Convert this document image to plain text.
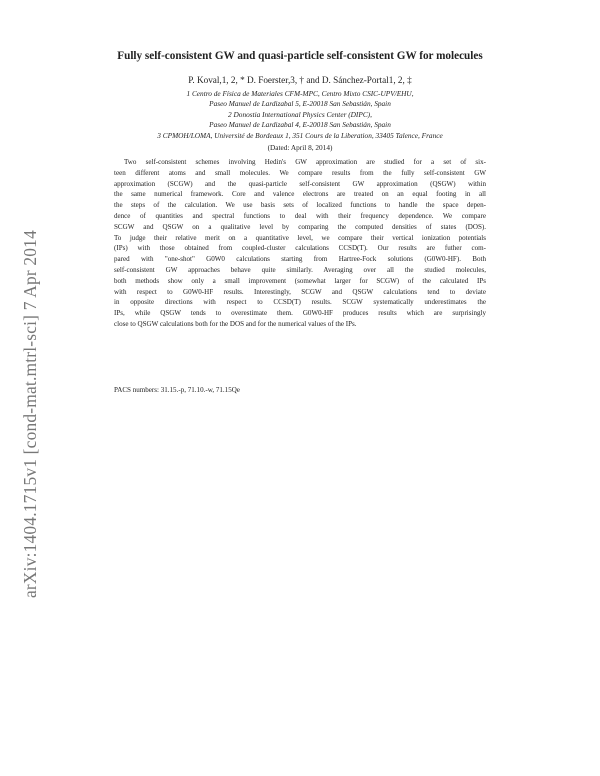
arXiv:1404.1715v1 [cond-mat.mtrl-sci] 7 Apr 2014
Fully self-consistent GW and quasi-particle self-consistent GW for molecules
P. Koval,1, 2, * D. Foerster,3, † and D. Sánchez-Portal1, 2, ‡
1 Centro de Física de Materiales CFM-MPC, Centro Mixto CSIC-UPV/EHU,
Paseo Manuel de Lardizabal 5, E-20018 San Sebastián, Spain
2 Donostia International Physics Center (DIPC),
Paseo Manuel de Lardizabal 4, E-20018 San Sebastián, Spain
3 CPMOH/LOMA, Université de Bordeaux 1, 351 Cours de la Liberation, 33405 Talence, France
(Dated: April 8, 2014)
Two self-consistent schemes involving Hedin's GW approximation are studied for a set of six-
teen different atoms and small molecules. We compare results from the fully self-consistent GW
approximation (SCGW) and the quasi-particle self-consistent GW approximation (QSGW) within
the same numerical framework. Core and valence electrons are treated on an equal footing in all
the steps of the calculation. We use basis sets of localized functions to handle the space depen-
dence of quantities and spectral functions to deal with their frequency dependence. We compare
SCGW and QSGW on a qualitative level by comparing the computed densities of states (DOS).
To judge their relative merit on a quantitative level, we compare their vertical ionization potentials
(IPs) with those obtained from coupled-cluster calculations CCSD(T). Our results are futher com-
pared with "one-shot" G0W0 calculations starting from Hartree-Fock solutions (G0W0-HF). Both
self-consistent GW approaches behave quite similarly. Averaging over all the studied molecules,
both methods show only a small improvement (somewhat larger for SCGW) of the calculated IPs
with respect to G0W0-HF results. Interestingly, SCGW and QSGW calculations tend to deviate
in opposite directions with respect to CCSD(T) results. SCGW systematically underestimates the
IPs, while QSGW tends to overestimate them. G0W0-HF produces results which are surprisingly
close to QSGW calculations both for the DOS and for the numerical values of the IPs.
PACS numbers: 31.15.-p, 71.10.-w, 71.15Qe
